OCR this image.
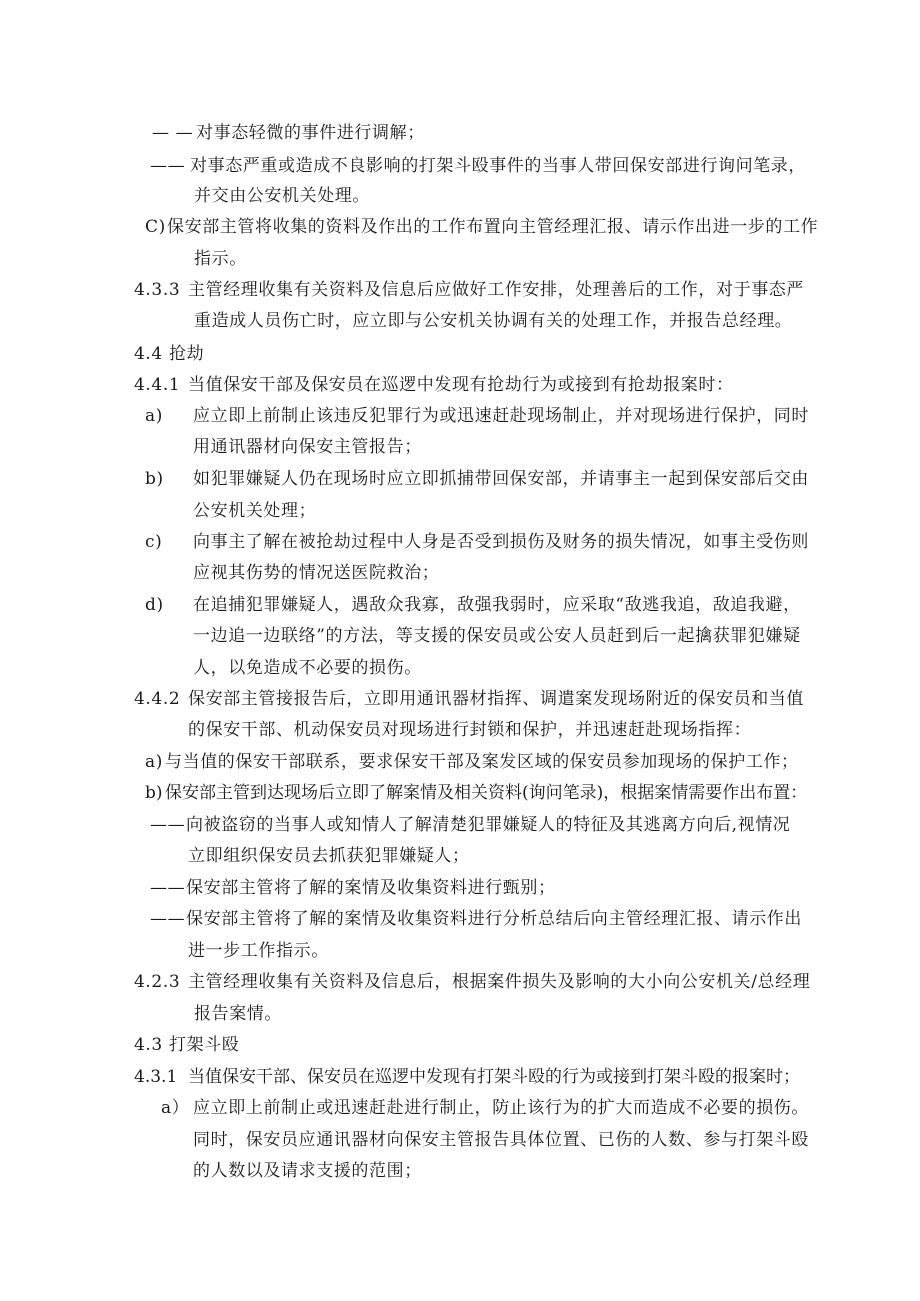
— — 对事态轻微的事件进行调解；
—— 对事态严重或造成不良影响的打架斗殴事件的当事人带回保安部进行询问笔录，
并交由公安机关处理。
C)保安部主管将收集的资料及作出的工作布置向主管经理汇报、请示作出进一步的工作
指示。
4.3.3 主管经理收集有关资料及信息后应做好工作安排，处理善后的工作，对于事态严
重造成人员伤亡时，应立即与公安机关协调有关的处理工作，并报告总经理。
4.4 抢劫
4.4.1 当值保安干部及保安员在巡逻中发现有抢劫行为或接到有抢劫报案时：
a) 应立即上前制止该违反犯罪行为或迅速赶赴现场制止，并对现场进行保护，同时
用通讯器材向保安主管报告；
b) 如犯罪嫌疑人仍在现场时应立即抓捕带回保安部，并请事主一起到保安部后交由
公安机关处理；
c) 向事主了解在被抢劫过程中人身是否受到损伤及财务的损失情况，如事主受伤则
应视其伤势的情况送医院救治；
d) 在追捕犯罪嫌疑人，遇敌众我寡，敌强我弱时，应采取“敌逃我追，敌追我避，
一边追一边联络”的方法，等支援的保安员或公安人员赶到后一起擒获罪犯嫌疑
人，以免造成不必要的损伤。
4.4.2 保安部主管接报告后，立即用通讯器材指挥、调遣案发现场附近的保安员和当值
的保安干部、机动保安员对现场进行封锁和保护，并迅速赶赴现场指挥：
a) 与当值的保安干部联系，要求保安干部及案发区域的保安员参加现场的保护工作；
b) 保安部主管到达现场后立即了解案情及相关资料(询问笔录)，根据案情需要作出布置：
——向被盗窃的当事人或知情人了解清楚犯罪嫌疑人的特征及其逃离方向后,视情况
立即组织保安员去抓获犯罪嫌疑人；
——保安部主管将了解的案情及收集资料进行甄别；
——保安部主管将了解的案情及收集资料进行分析总结后向主管经理汇报、请示作出
进一步工作指示。
4.2.3 主管经理收集有关资料及信息后，根据案件损失及影响的大小向公安机关/总经理
报告案情。
4.3 打架斗殴
4.3.1 当值保安干部、保安员在巡逻中发现有打架斗殴的行为或接到打架斗殴的报案时；
a） 应立即上前制止或迅速赶赴进行制止，防止该行为的扩大而造成不必要的损伤。
同时，保安员应通讯器材向保安主管报告具体位置、已伤的人数、参与打架斗殴
的人数以及请求支援的范围；
